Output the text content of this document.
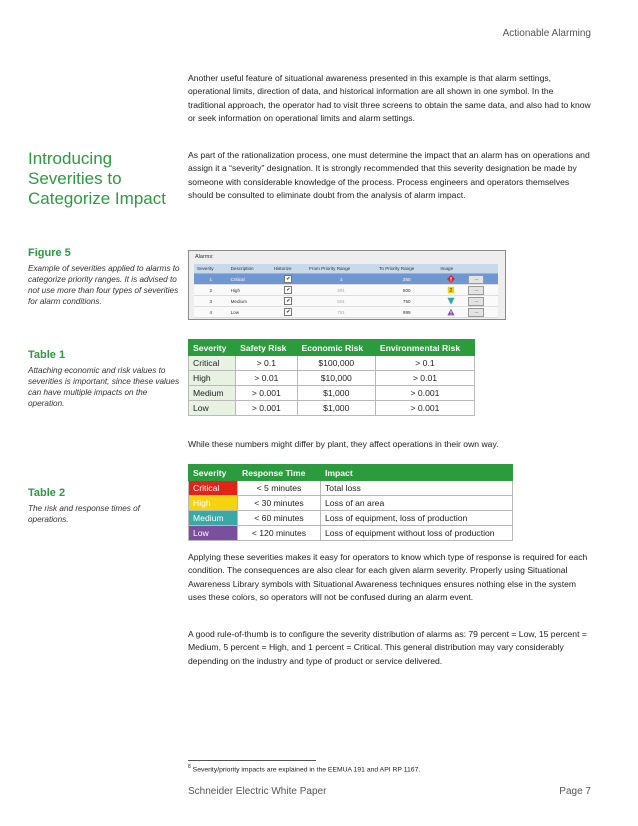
Actionable Alarming

Another useful feature of situational awareness presented in this example is that alarm settings, operational limits, direction of data, and historical information are all shown in one symbol. In the traditional approach, the operator had to visit three screens to obtain the same data, and also had to know or seek information on operational limits and alarm settings.

Introducing
Severities to
Categorize Impact

As part of the rationalization process, one must determine the impact that an alarm has on operations and assign it a “severity” designation. It is strongly recommended that this severity designation be made by someone with considerable knowledge of the process. Process engineers and operators themselves should be consulted to eliminate doubt from the analysis of alarm impact.

Figure 5
Example of severities applied to alarms to categorize priority ranges. It is advised to not use more than four types of severities for alarm conditions.
Alarms:
Severity	Description	Historize	From Priority Range	To Priority Range	Image	
1	Critical	✔	1	250		...
2	High	✔	251	500	2	...
3	Medium	✔	501	750		...
4	Low	✔	751	999		...
Table 1
Attaching economic and risk values to severities is important, since these values can have multiple impacts on the operation.
Severity	Safety Risk	Economic Risk	Environmental Risk
Critical	> 0.1	$100,000	> 0.1
High	> 0.01	$10,000	> 0.01
Medium	> 0.001	$1,000	> 0.001
Low	> 0.001	$1,000	> 0.001

While these numbers might differ by plant, they affect operations in their own way.

Table 2
The risk and response times of operations.
Severity	Response Time	Impact
Critical	< 5 minutes	Total loss
High	< 30 minutes	Loss of an area
Medium	< 60 minutes	Loss of equipment, loss of production
Low	< 120 minutes	Loss of equipment without loss of production

Applying these severities makes it easy for operators to know which type of response is required for each condition. The consequences are also clear for each given alarm severity. Properly using Situational Awareness Library symbols with Situational Awareness techniques ensures nothing else in the system uses these colors, so operators will not be confused during an alarm event.

A good rule-of-thumb is to configure the severity distribution of alarms as: 79 percent = Low, 15 percent = Medium, 5 percent = High, and 1 percent = Critical. This general distribution may vary considerably depending on the industry and type of product or service delivered.

$^8$ Severity/priority impacts are explained in the EEMUA 191 and API RP 1167.
Schneider Electric White Paper	Page 7
